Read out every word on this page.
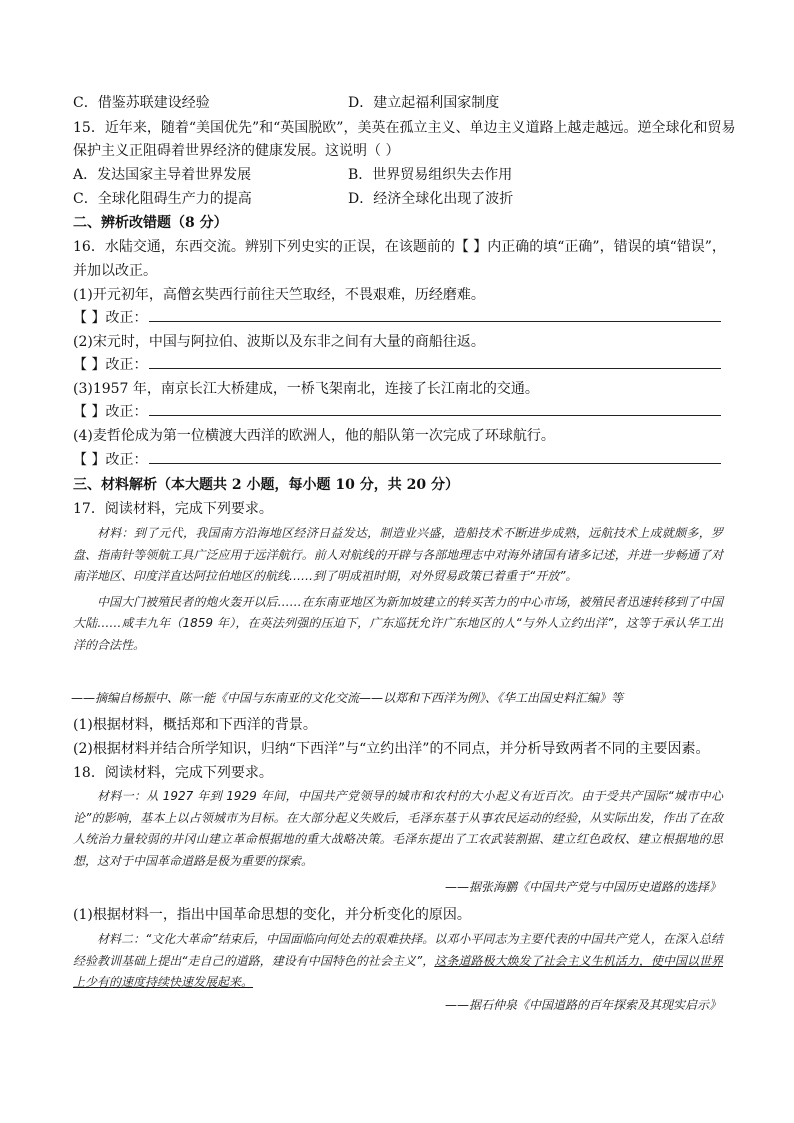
C．借鉴苏联建设经验	D．建立起福利国家制度
15．近年来，随着“美国优先”和“英国脱欧”，美英在孤立主义、单边主义道路上越走越远。逆全球化和贸易
保护主义正阻碍着世界经济的健康发展。这说明（ ）
A．发达国家主导着世界发展	B．世界贸易组织失去作用
C．全球化阻碍生产力的提高	D．经济全球化出现了波折
二、辨析改错题（8 分）
16．水陆交通，东西交流。辨别下列史实的正误，在该题前的【 】内正确的填“正确”，错误的填“错误”，
并加以改正。
(1)开元初年，高僧玄奘西行前往天竺取经，不畏艰难，历经磨难。
【 】改正：
(2)宋元时，中国与阿拉伯、波斯以及东非之间有大量的商船往返。
【 】改正：
(3)1957 年，南京长江大桥建成，一桥飞架南北，连接了长江南北的交通。
【 】改正：
(4)麦哲伦成为第一位横渡大西洋的欧洲人，他的船队第一次完成了环球航行。
【 】改正：
三、材料解析（本大题共 2 小题，每小题 10 分，共 20 分）
17．阅读材料，完成下列要求。
材料：到了元代，我国南方沿海地区经济日益发达，制造业兴盛，造船技术不断进步成熟，远航技术上成就颇多，罗盘、指南针等领航工具广泛应用于远洋航行。前人对航线的开辟与各部地理志中对海外诸国有诸多记述，并进一步畅通了对南洋地区、印度洋直达阿拉伯地区的航线……到了明成祖时期，对外贸易政策已着重于“开放”。
中国大门被殖民者的炮火轰开以后……在东南亚地区为新加坡建立的转买苦力的中心市场，被殖民者迅速转移到了中国大陆……咸丰九年（1859 年），在英法列强的压迫下，广东巡抚允许广东地区的人“与外人立约出洋”，这等于承认华工出洋的合法性。
——摘编自杨振中、陈一能《中国与东南亚的文化交流——以郑和下西洋为例》、《华工出国史料汇编》等
(1)根据材料，概括郑和下西洋的背景。
(2)根据材料并结合所学知识，归纳“下西洋”与“立约出洋”的不同点，并分析导致两者不同的主要因素。
18．阅读材料，完成下列要求。
材料一：从 1927 年到 1929 年间，中国共产党领导的城市和农村的大小起义有近百次。由于受共产国际“城市中心论”的影响，基本上以占领城市为目标。在大部分起义失败后，毛泽东基于从事农民运动的经验，从实际出发，作出了在敌人统治力量较弱的井冈山建立革命根据地的重大战略决策。毛泽东提出了工农武装割据、建立红色政权、建立根据地的思想，这对于中国革命道路是极为重要的探索。
——据张海鹏《中国共产党与中国历史道路的选择》
(1)根据材料一，指出中国革命思想的变化，并分析变化的原因。
材料二：“文化大革命”结束后，中国面临向何处去的艰难抉择。以邓小平同志为主要代表的中国共产党人，在深入总结经验教训基础上提出“走自己的道路，建设有中国特色的社会主义”，这条道路极大焕发了社会主义生机活力，使中国以世界上少有的速度持续快速发展起来。
——据石仲泉《中国道路的百年探索及其现实启示》
